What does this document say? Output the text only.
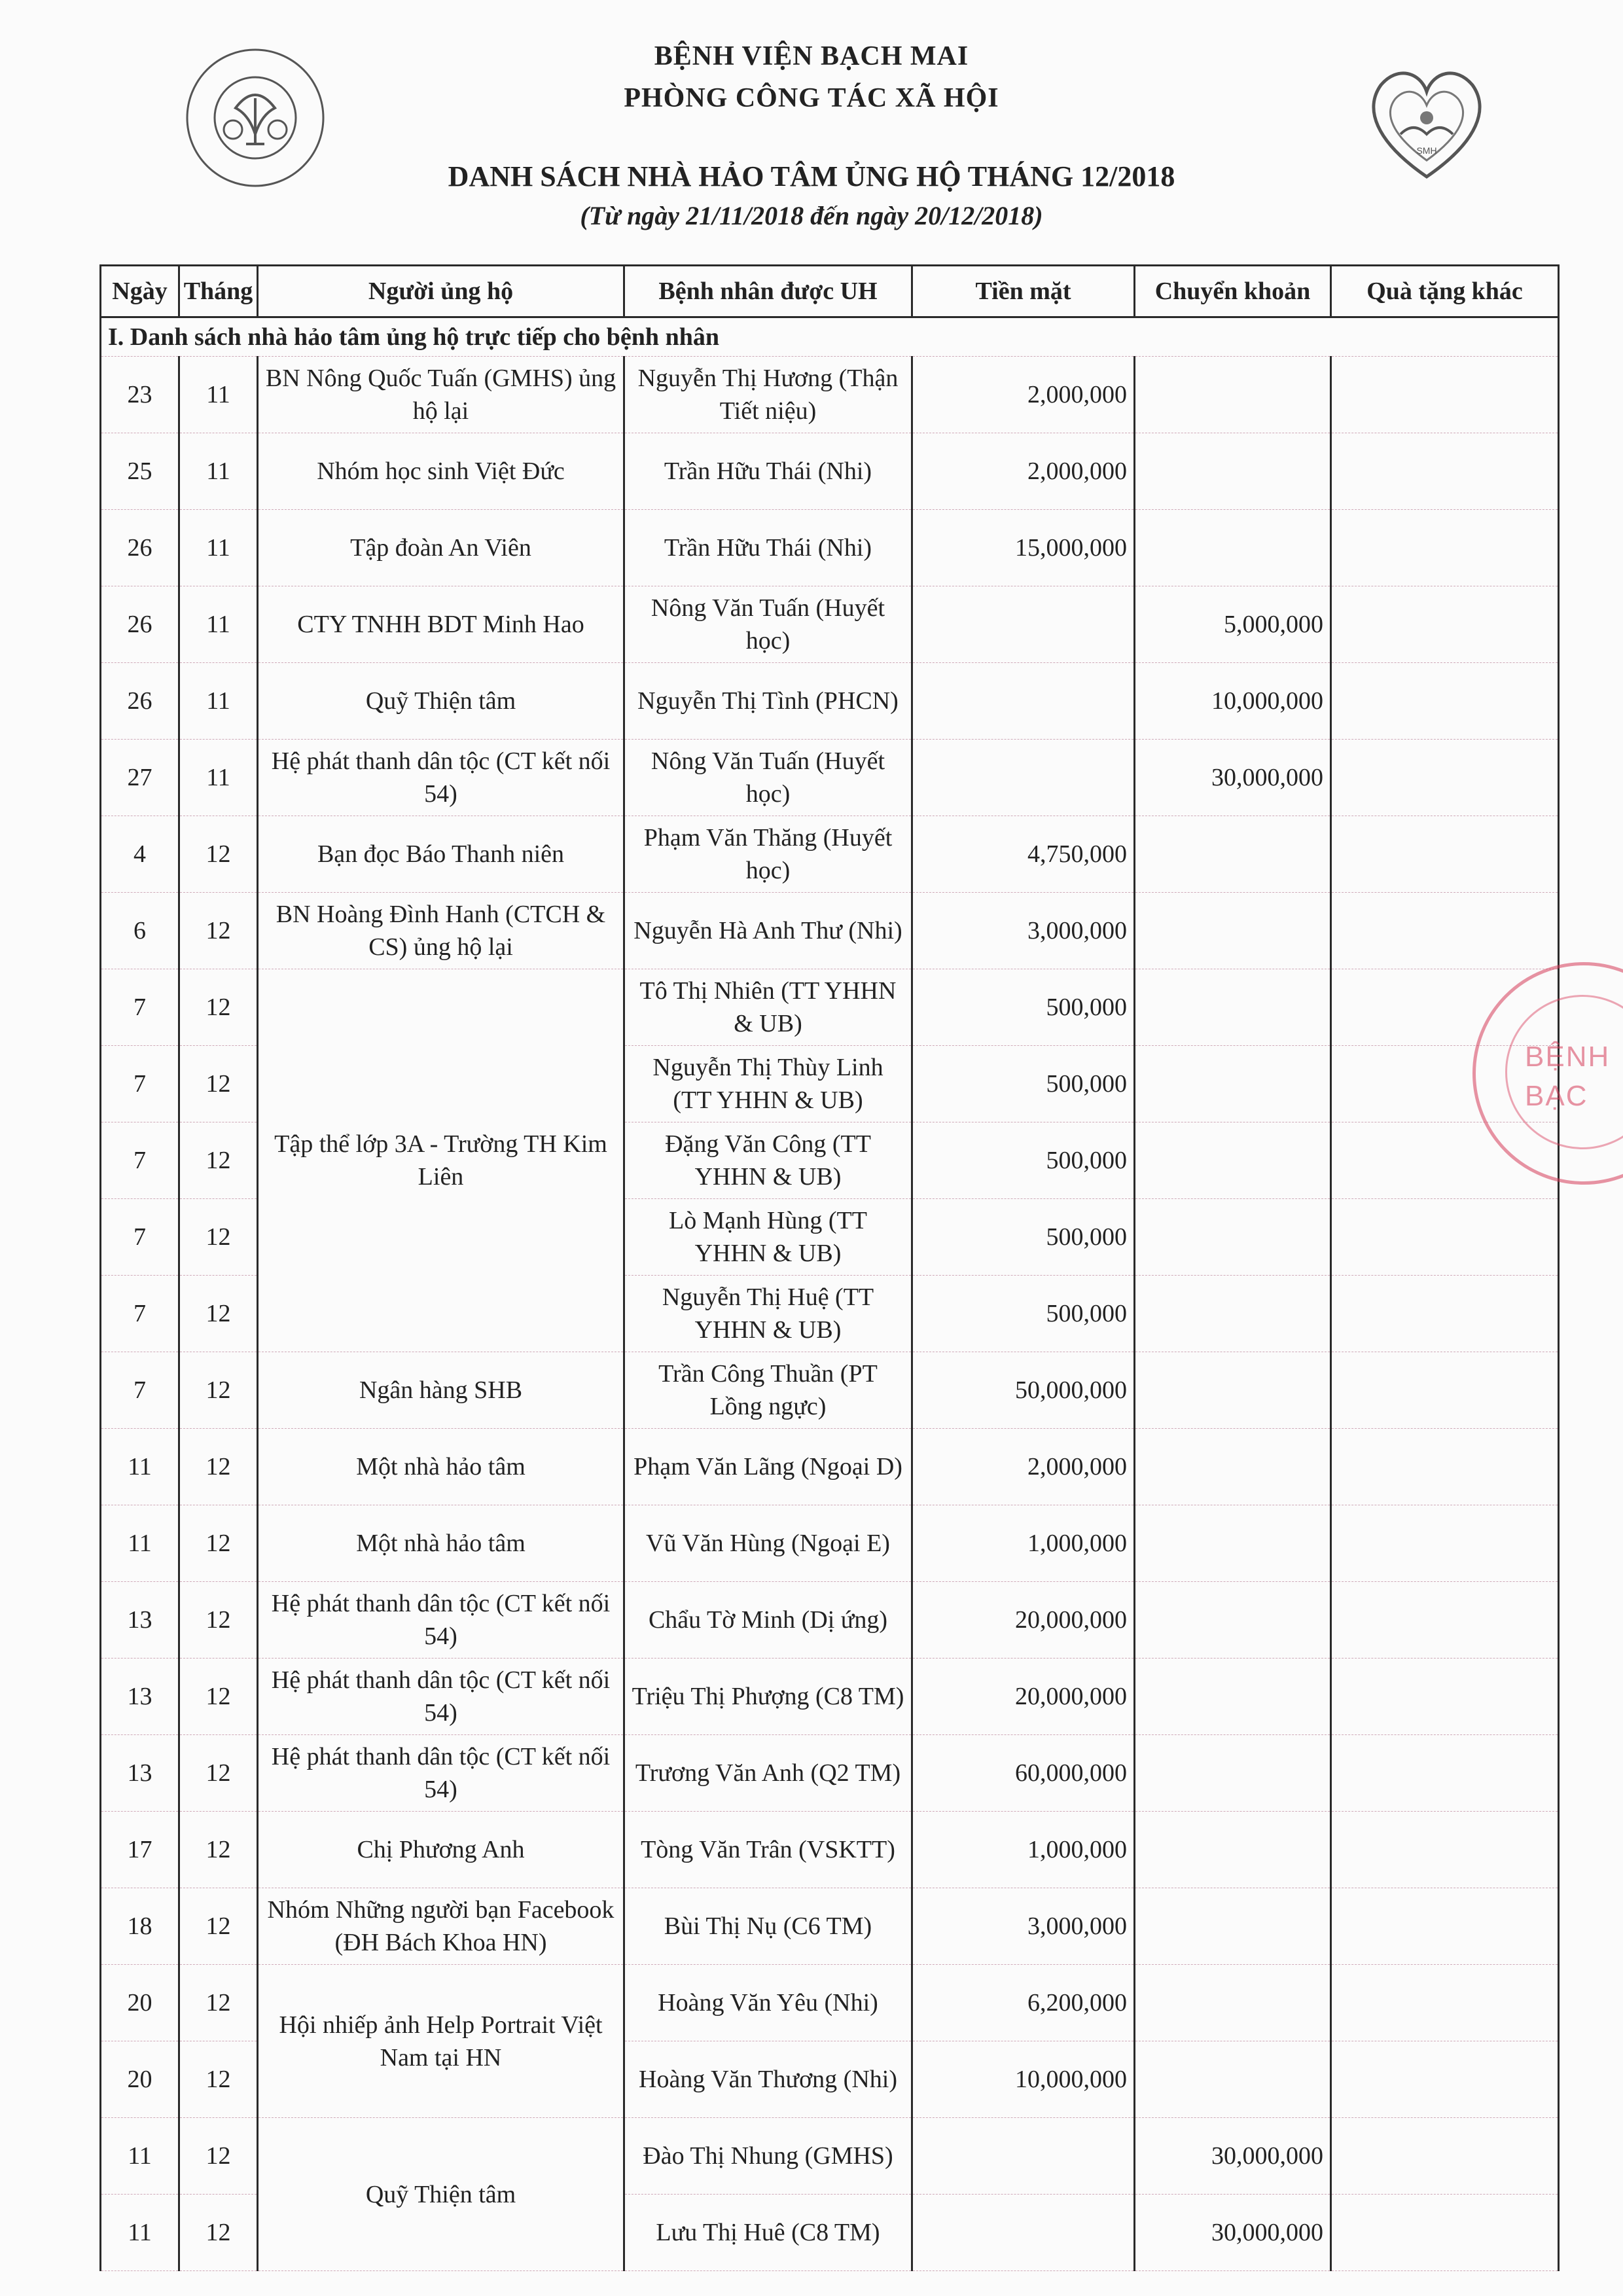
SMH
BỆNH VIỆN BẠCH MAI
PHÒNG CÔNG TÁC XÃ HỘI
DANH SÁCH NHÀ HẢO TÂM ỦNG HỘ THÁNG 12/2018
(Từ ngày 21/11/2018 đến ngày 20/12/2018)
Ngày	Tháng	Người ủng hộ	Bệnh nhân được UH	Tiền mặt	Chuyển khoản	Quà tặng khác
I. Danh sách nhà hảo tâm ủng hộ trực tiếp cho bệnh nhân						
23	11	BN Nông Quốc Tuấn (GMHS) ủng hộ lại	Nguyễn Thị Hương (Thận Tiết niệu)	2,000,000		
25	11	Nhóm học sinh Việt Đức	Trần Hữu Thái (Nhi)	2,000,000		
26	11	Tập đoàn An Viên	Trần Hữu Thái (Nhi)	15,000,000		
26	11	CTY TNHH BDT Minh Hao	Nông Văn Tuấn (Huyết học)		5,000,000	
26	11	Quỹ Thiện tâm	Nguyễn Thị Tình (PHCN)		10,000,000	
27	11	Hệ phát thanh dân tộc (CT kết nối 54)	Nông Văn Tuấn (Huyết học)		30,000,000	
4	12	Bạn đọc Báo Thanh niên	Phạm Văn Thăng (Huyết học)	4,750,000		
6	12	BN Hoàng Đình Hanh (CTCH & CS) ủng hộ lại	Nguyễn Hà Anh Thư (Nhi)	3,000,000		
7	12	Tập thể lớp 3A - Trường TH Kim Liên	Tô Thị Nhiên (TT YHHN & UB)	500,000		
7	12		Nguyễn Thị Thùy Linh (TT YHHN & UB)	500,000		
7	12		Đặng Văn Công (TT YHHN & UB)	500,000		
7	12		Lò Mạnh Hùng (TT YHHN & UB)	500,000		
7	12		Nguyễn Thị Huệ (TT YHHN & UB)	500,000		
7	12	Ngân hàng SHB	Trần Công Thuần (PT Lồng ngực)	50,000,000		
11	12	Một nhà hảo tâm	Phạm Văn Lãng (Ngoại D)	2,000,000		
11	12	Một nhà hảo tâm	Vũ Văn Hùng (Ngoại E)	1,000,000		
13	12	Hệ phát thanh dân tộc (CT kết nối 54)	Chẩu Tờ Minh (Dị ứng)	20,000,000		
13	12	Hệ phát thanh dân tộc (CT kết nối 54)	Triệu Thị Phượng (C8 TM)	20,000,000		
13	12	Hệ phát thanh dân tộc (CT kết nối 54)	Trương Văn Anh (Q2 TM)	60,000,000		
17	12	Chị Phương Anh	Tòng Văn Trân (VSKTT)	1,000,000		
18	12	Nhóm Những người bạn Facebook (ĐH Bách Khoa HN)	Bùi Thị Nụ (C6 TM)	3,000,000		
20	12	Hội nhiếp ảnh Help Portrait Việt Nam tại HN	Hoàng Văn Yêu (Nhi)	6,200,000		
20	12		Hoàng Văn Thương (Nhi)	10,000,000		
11	12	Quỹ Thiện tâm	Đào Thị Nhung (GMHS)		30,000,000	
11	12		Lưu Thị Huê (C8 TM)		30,000,000	
BỆNH
BẠC
